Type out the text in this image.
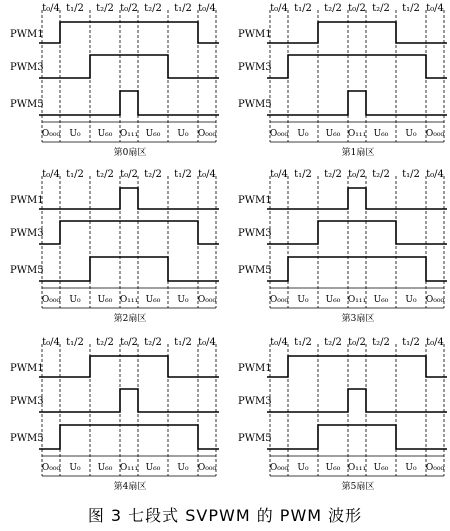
t₀/4 t₁/2 t₂/2 t₀/2 t₂/2 t₁/2 t₀/4
PWM1
PWM3
PWM5
O₀₀₀ U₀ U₆₀ O₁₁₁ U₆₀ U₀ O₀₀₀
第0扇区
t₀/4 t₁/2 t₂/2 t₀/2 t₂/2 t₁/2 t₀/4
PWM1
PWM3
PWM5
O₀₀₀ U₀ U₆₀ O₁₁₁ U₆₀ U₀ O₀₀₀
第1扇区
t₀/4 t₁/2 t₂/2 t₀/2 t₂/2 t₁/2 t₀/4
PWM1
PWM3
PWM5
O₀₀₀ U₀ U₆₀ O₁₁₁ U₆₀ U₀ O₀₀₀
第2扇区
t₀/4 t₁/2 t₂/2 t₀/2 t₂/2 t₁/2 t₀/4
PWM1
PWM3
PWM5
O₀₀₀ U₀ U₆₀ O₁₁₁ U₆₀ U₀ O₀₀₀
第3扇区
t₀/4 t₁/2 t₂/2 t₀/2 t₂/2 t₁/2 t₀/4
PWM1
PWM3
PWM5
O₀₀₀ U₀ U₆₀ O₁₁₁ U₆₀ U₀ O₀₀₀
第4扇区
t₀/4 t₁/2 t₂/2 t₀/2 t₂/2 t₁/2 t₀/4
PWM1
PWM3
PWM5
O₀₀₀ U₀ U₆₀ O₁₁₁ U₆₀ U₀ O₀₀₀
第5扇区
图 3 七段式 SVPWM 的 PWM 波形
